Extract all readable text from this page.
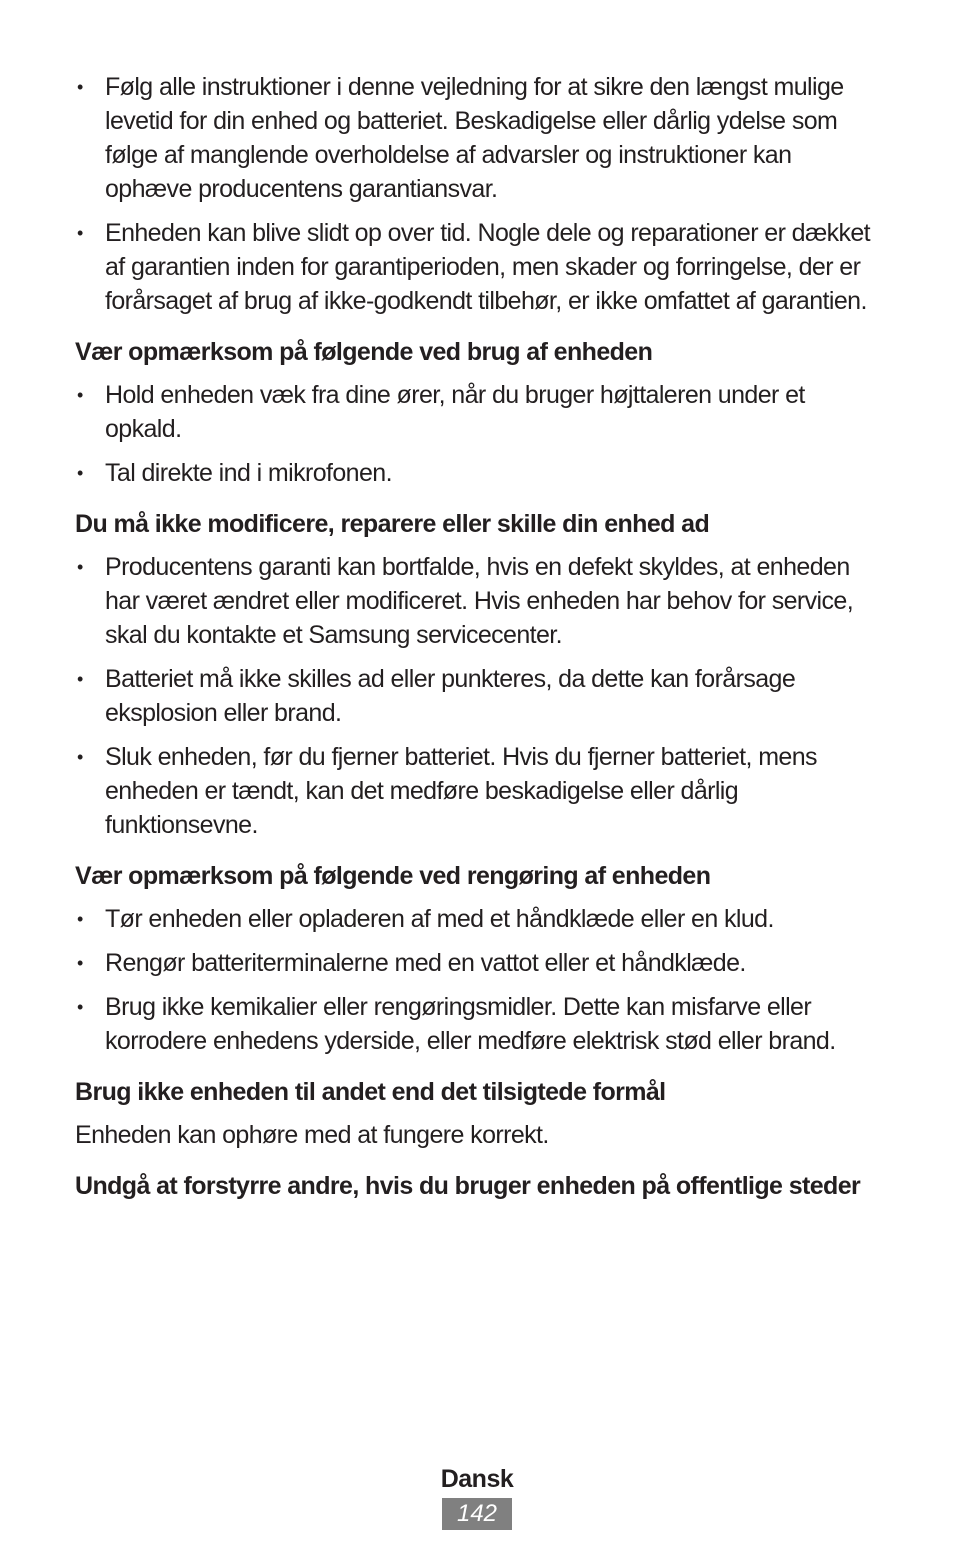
• Følg alle instruktioner i denne vejledning for at sikre den længst mulige levetid for din enhed og batteriet. Beskadigelse eller dårlig ydelse som følge af manglende overholdelse af advarsler og instruktioner kan ophæve producentens garantiansvar.
• Enheden kan blive slidt op over tid. Nogle dele og reparationer er dækket af garantien inden for garantiperioden, men skader og forringelse, der er forårsaget af brug af ikke-godkendt tilbehør, er ikke omfattet af garantien.
Vær opmærksom på følgende ved brug af enheden
• Hold enheden væk fra dine ører, når du bruger højttaleren under et opkald.
• Tal direkte ind i mikrofonen.
Du må ikke modificere, reparere eller skille din enhed ad
• Producentens garanti kan bortfalde, hvis en defekt skyldes, at enheden har været ændret eller modificeret. Hvis enheden har behov for service, skal du kontakte et Samsung servicecenter.
• Batteriet må ikke skilles ad eller punkteres, da dette kan forårsage eksplosion eller brand.
• Sluk enheden, før du fjerner batteriet. Hvis du fjerner batteriet, mens enheden er tændt, kan det medføre beskadigelse eller dårlig funktionsevne.
Vær opmærksom på følgende ved rengøring af enheden
• Tør enheden eller opladeren af med et håndklæde eller en klud.
• Rengør batteriterminalerne med en vattot eller et håndklæde.
• Brug ikke kemikalier eller rengøringsmidler. Dette kan misfarve eller korrodere enhedens yderside, eller medføre elektrisk stød eller brand.
Brug ikke enheden til andet end det tilsigtede formål

Enheden kan ophøre med at fungere korrekt.

Undgå at forstyrre andre, hvis du bruger enheden på offentlige steder
Dansk
142
